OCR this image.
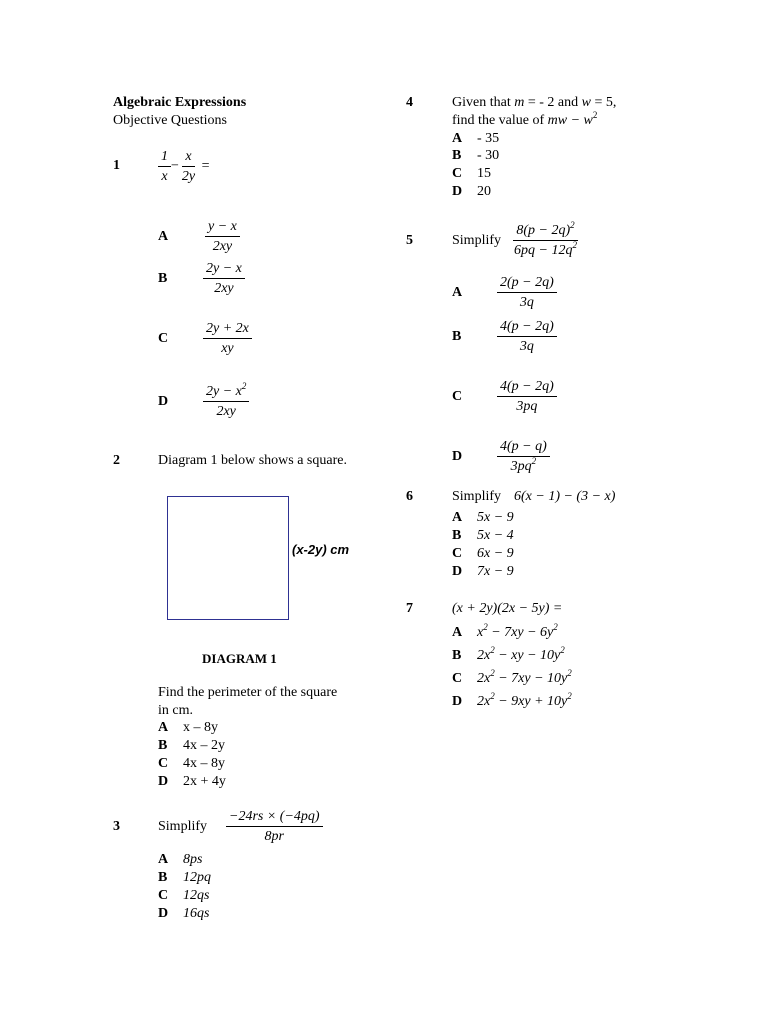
Algebraic Expressions
Objective Questions
1	$\frac{1}{x} - \frac{x}{2y}$ =
A	$\frac{y - x}{2xy}$
B	$\frac{2y - x}{2xy}$
C $\frac{2y + 2x}{xy}$
D $\frac{2y - x^2}{2xy}$
2	Diagram 1 below shows a square.
(x-2y) cm
DIAGRAM 1
Find the perimeter of the square
in cm.
A x – 8y
B 4x – 2y
C 4x – 8y
D 2x + 4y
3	Simplify $\frac{-24rs \times (-4pq)}{8pr}$
A 8ps
B 12pq
C 12qs
D 16qs
4	Given that m = - 2 and w = 5,
find the value of mw − $w^2$
A - 35
B - 30
C 15
D 20
5	Simplify $\frac{8(p - 2q)^2}{6pq - 12q^2}$
A $\frac{2(p - 2q)}{3q}$
B	$\frac{4(p - 2q)}{3q}$
C $\frac{4(p - 2q)}{3pq}$
D $\frac{4(p - q)}{3pq^2}$
6	Simplify 6(x − 1) − (3 − x)
A 5x − 9
B 5x − 4
C 6x − 9
D 7x − 9
7	(x + 2y)(2x − 5y) =
A $x^2 - 7xy - 6y^2$
B $2x^2$ − xy − $10y^2$
C $2x^2 - 7xy - 10y^2$
D $2x^2 - 9xy + 10y^2$
